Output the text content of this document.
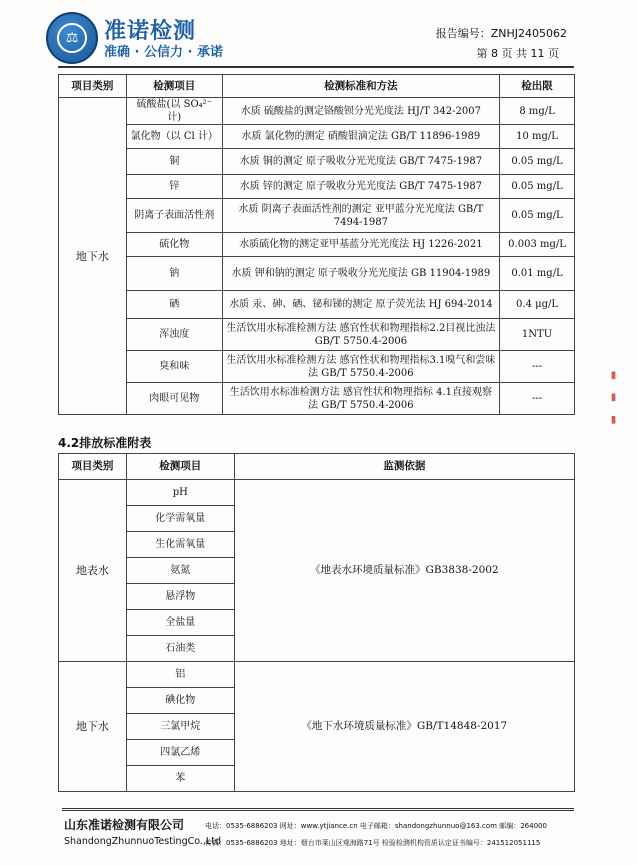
⚖	准诺检测
准确 · 公信力 · 承诺
报告编号：ZNHJ2405062
第 8 页 共 11 页
项目类别	检测项目	检测标准和方法	检出限
地下水	硫酸盐(以 SO₄²⁻计)	水质 硫酸盐的测定铬酸钡分光光度法 HJ/T 342-2007	8 mg/L
	氯化物（以 Cl 计）	水质 氯化物的测定 硝酸银滴定法 GB/T 11896-1989	10 mg/L
	铜	水质 铜的测定 原子吸收分光光度法 GB/T 7475-1987	0.05 mg/L
	锌	水质 锌的测定 原子吸收分光光度法 GB/T 7475-1987	0.05 mg/L
	阴离子表面活性剂	水质 阴离子表面活性剂的测定 亚甲蓝分光光度法 GB/T 7494-1987	0.05 mg/L
	硫化物	水质硫化物的测定亚甲基蓝分光光度法 HJ 1226-2021	0.003 mg/L
	钠	水质 钾和钠的测定 原子吸收分光光度法 GB 11904-1989	0.01 mg/L
	硒	水质 汞、砷、硒、铋和锑的测定 原子荧光法 HJ 694-2014	0.4 μg/L
	浑浊度	生活饮用水标准检测方法 感官性状和物理指标2.2目视比浊法 GB/T 5750.4-2006	1NTU
	臭和味	生活饮用水标准检测方法 感官性状和物理指标3.1嗅气和尝味法 GB/T 5750.4-2006	---
	肉眼可见物	生活饮用水标准检测方法 感官性状和物理指标 4.1直接观察法 GB/T 5750.4-2006	---
4.2排放标准附表
项目类别	检测项目	监测依据
地表水	pH	《地表水环境质量标准》GB3838-2002
	化学需氧量	
	生化需氧量	
	氨氮	
	悬浮物	
	全盐量	
	石油类	
地下水	铝	《地下水环境质量标准》GB/T14848-2017
	碘化物	
	三氯甲烷	
	四氯乙烯	
	苯	
▮ ▮ ▮
山东准诺检测有限公司
ShandongZhunnuoTestingCo.,Ltd
电话：0535-6886203 网址：www.ytjiance.cn 电子邮箱：shandongzhunnuo@163.com 邮编：264000
传真：0535-6886203 地址：烟台市莱山区观海路71号 检验检测机构资质认定证书编号：241512051115
